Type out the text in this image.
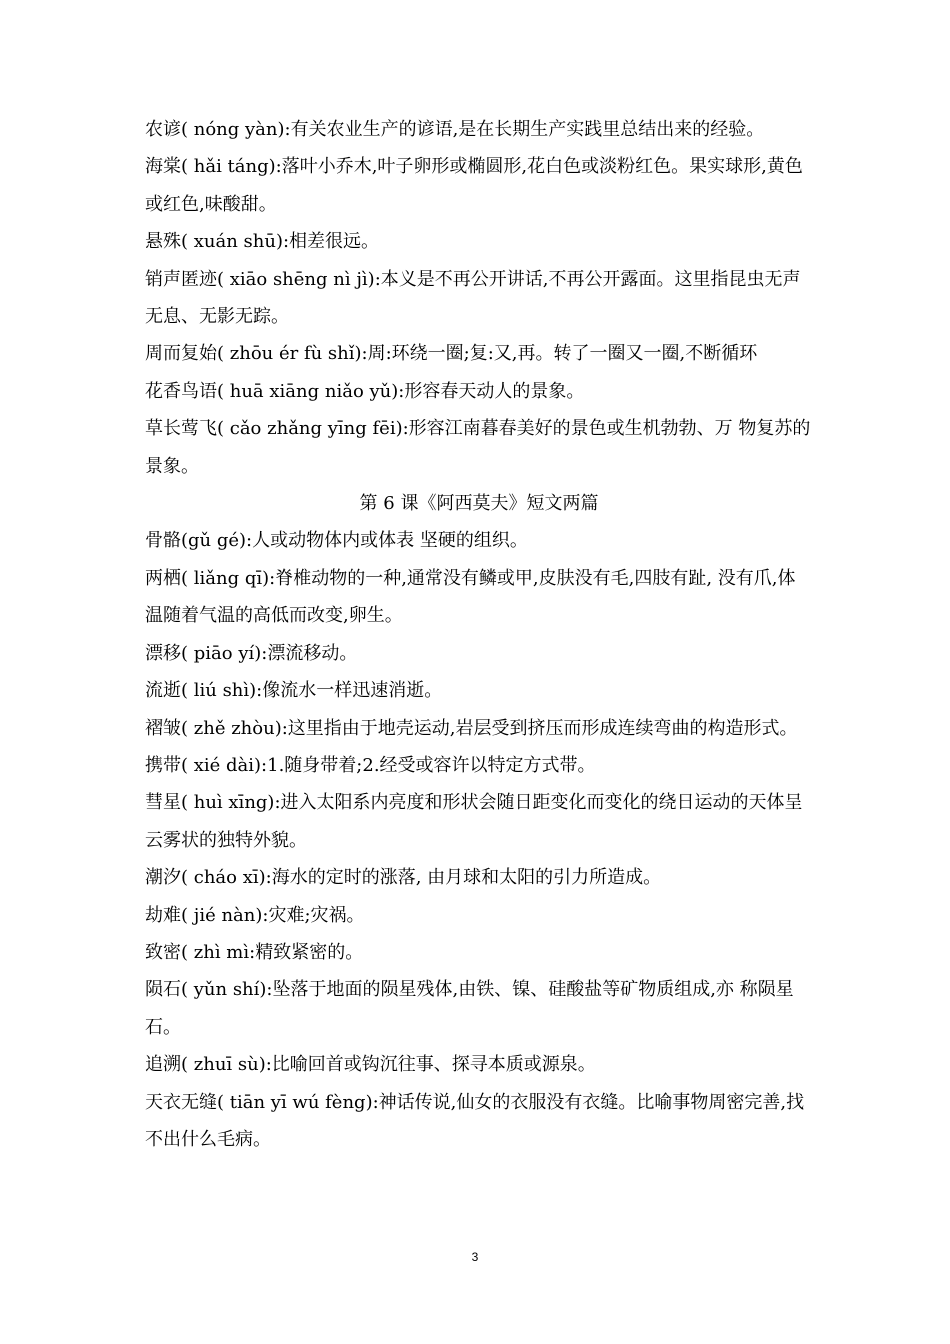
农谚( nóng yàn):有关农业生产的谚语,是在长期生产实践里总结出来的经验。

海棠( hǎi táng):落叶小乔木,叶子卵形或椭圆形,花白色或淡粉红色。果实球形,黄色或红色,味酸甜。

悬殊( xuán shū):相差很远。

销声匿迹( xiāo shēng nì jì):本义是不再公开讲话,不再公开露面。这里指昆虫无声无息、无影无踪。

周而复始( zhōu ér fù shǐ):周:环绕一圈;复:又,再。转了一圈又一圈,不断循环

花香鸟语( huā xiāng niǎo yǔ):形容春天动人的景象。

草长莺飞( cǎo zhǎng yīng fēi):形容江南暮春美好的景色或生机勃勃、万 物复苏的景象。

第 6 课《阿西莫夫》短文两篇

骨骼(gǔ gé):人或动物体内或体表 坚硬的组织。

两栖( liǎng qī):脊椎动物的一种,通常没有鳞或甲,皮肤没有毛,四肢有趾, 没有爪,体温随着气温的高低而改变,卵生。

漂移( piāo yí):漂流移动。

流逝( liú shì):像流水一样迅速消逝。

褶皱( zhě zhòu):这里指由于地壳运动,岩层受到挤压而形成连续弯曲的构造形式。

携带( xié dài):1.随身带着;2.经受或容许以特定方式带。

彗星( huì xīng):进入太阳系内亮度和形状会随日距变化而变化的绕日运动的天体呈云雾状的独特外貌。

潮汐( cháo xī):海水的定时的涨落, 由月球和太阳的引力所造成。

劫难( jié nàn):灾难;灾祸。

致密( zhì mì:精致紧密的。

陨石( yǔn shí):坠落于地面的陨星残体,由铁、镍、硅酸盐等矿物质组成,亦 称陨星石。

追溯( zhuī sù):比喻回首或钩沉往事、探寻本质或源泉。

天衣无缝( tiān yī wú fèng):神话传说,仙女的衣服没有衣缝。比喻事物周密完善,找不出什么毛病。

3
